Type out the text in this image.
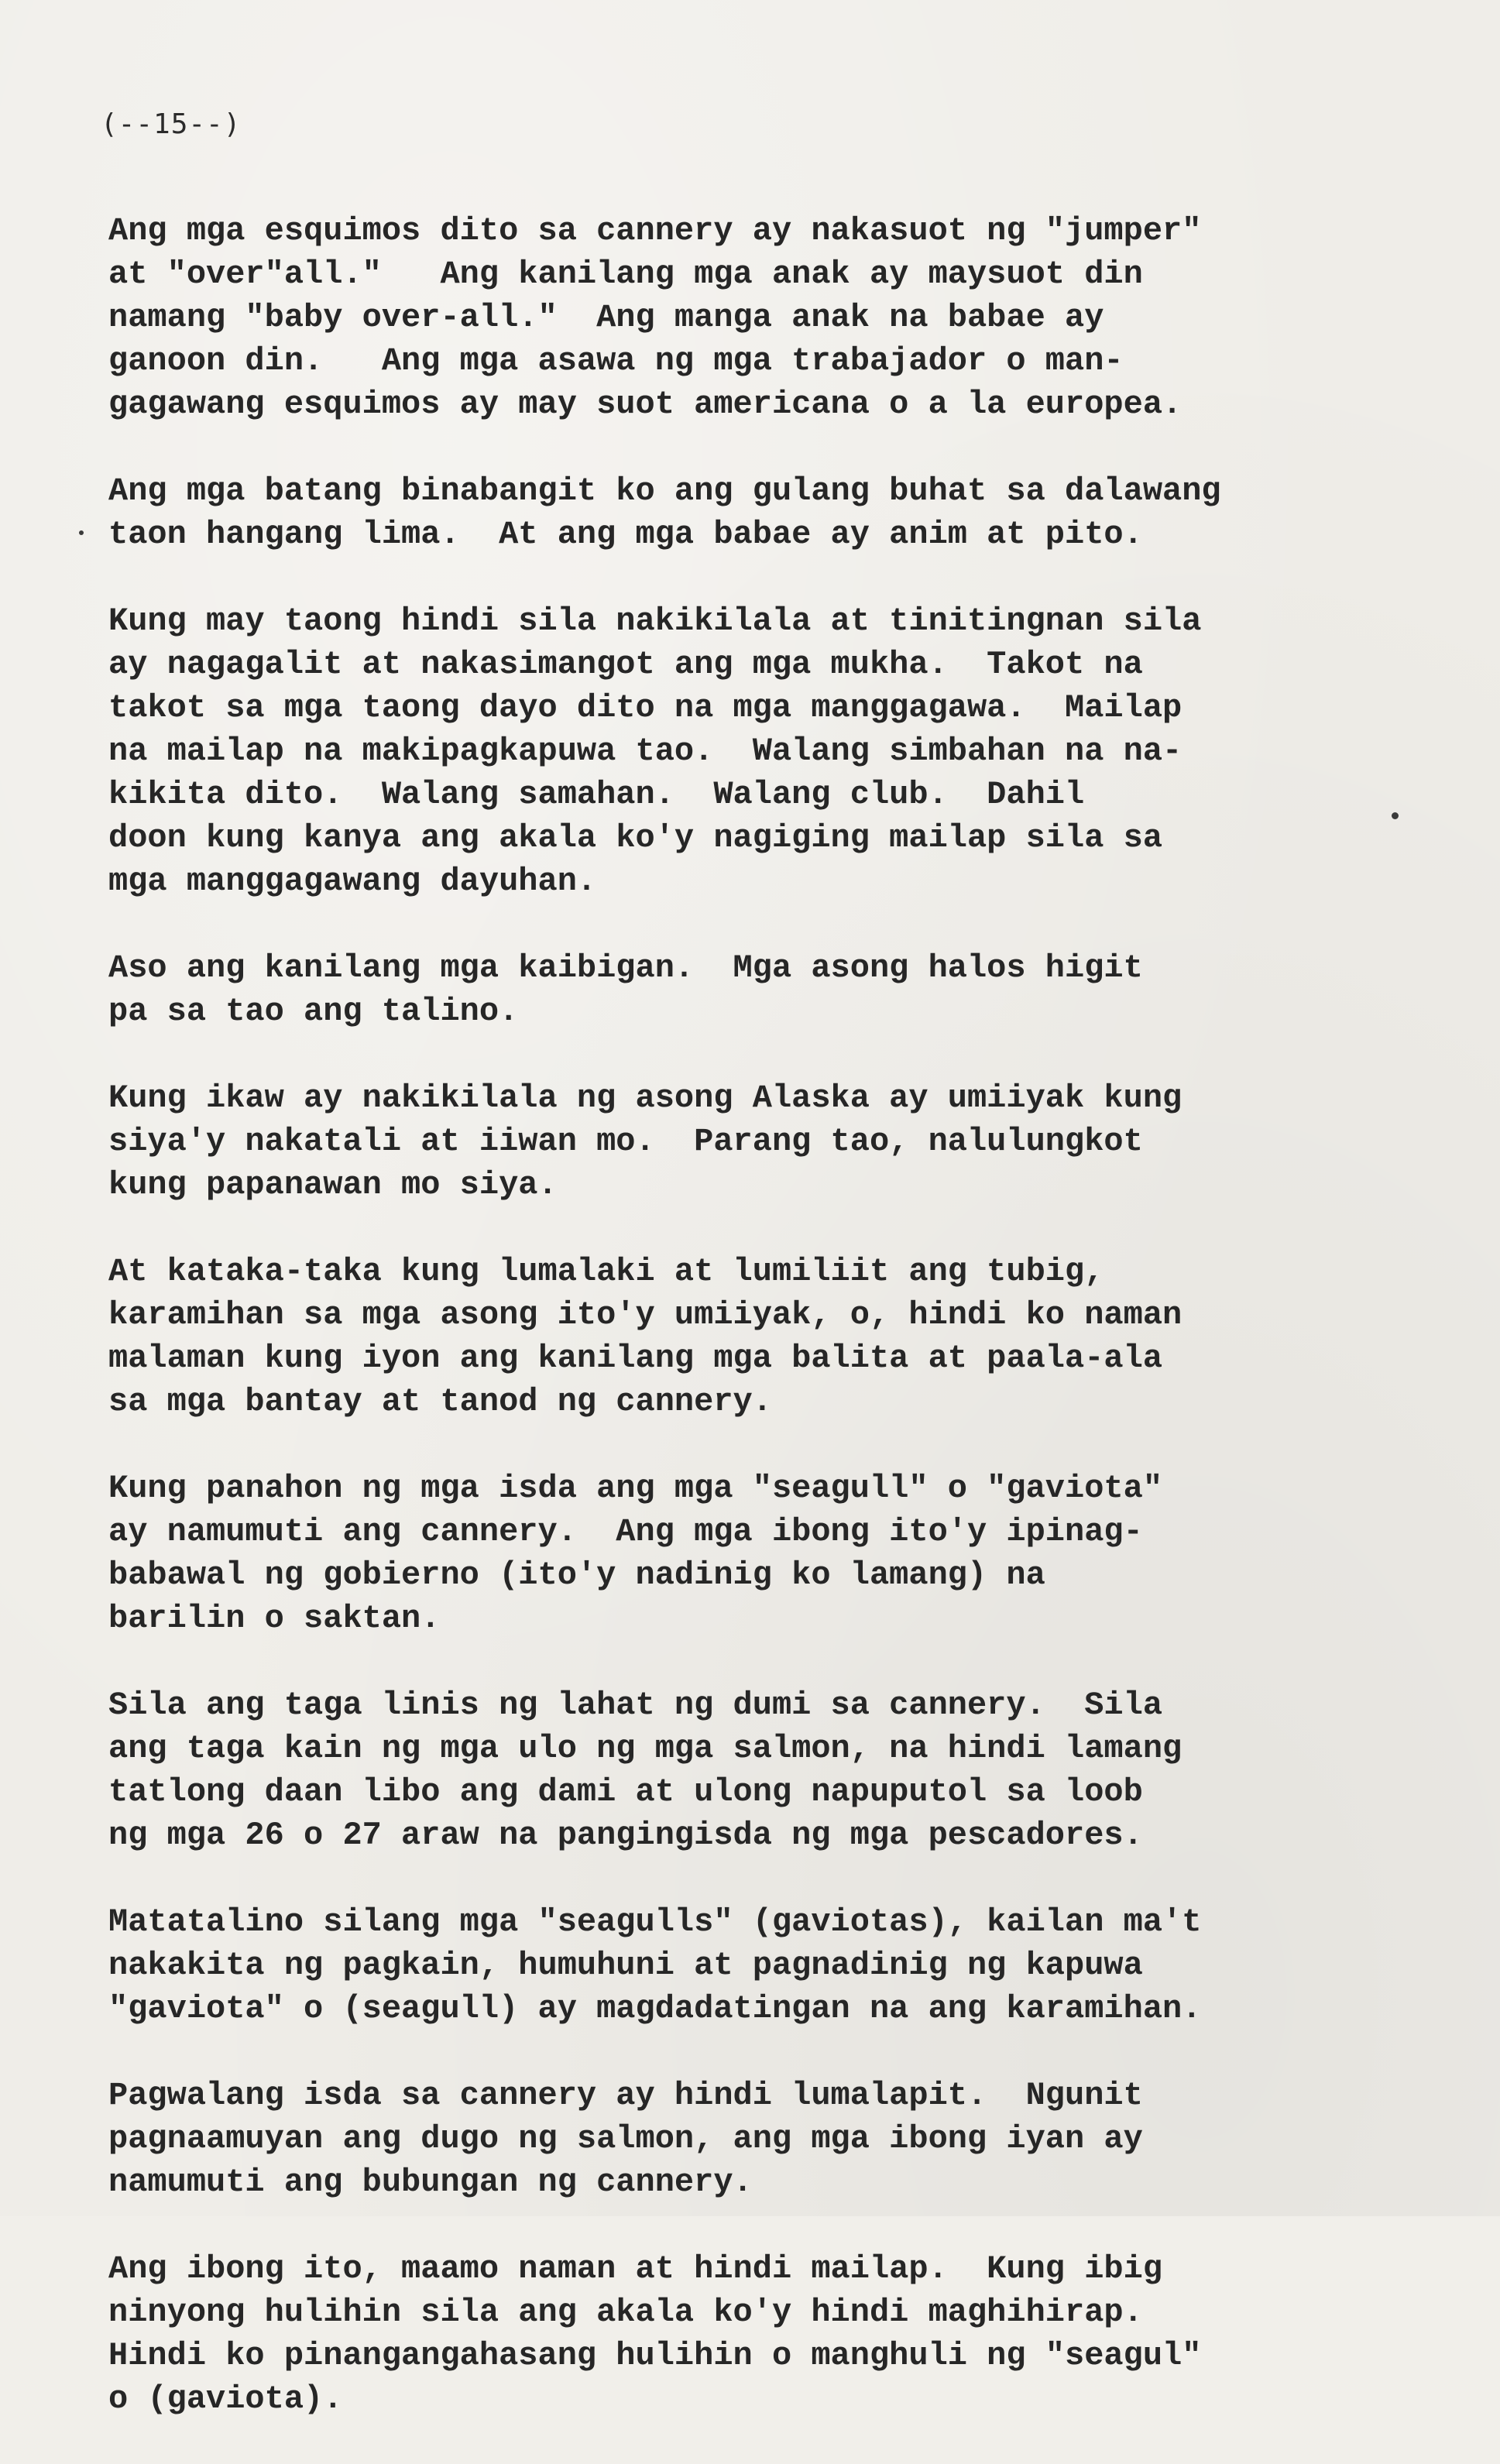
(--15--)
Ang mga esquimos dito sa cannery ay nakasuot ng "jumper"
at "over"all."   Ang kanilang mga anak ay maysuot din
namang "baby over-all."  Ang manga anak na babae ay
ganoon din.   Ang mga asawa ng mga trabajador o man-
gagawang esquimos ay may suot americana o a la europea.
Ang mga batang binabangit ko ang gulang buhat sa dalawang
taon hangang lima.  At ang mga babae ay anim at pito.
Kung may taong hindi sila nakikilala at tinitingnan sila
ay nagagalit at nakasimangot ang mga mukha.  Takot na
takot sa mga taong dayo dito na mga manggagawa.  Mailap
na mailap na makipagkapuwa tao.  Walang simbahan na na-
kikita dito.  Walang samahan.  Walang club.  Dahil
doon kung kanya ang akala ko'y nagiging mailap sila sa
mga manggagawang dayuhan.
Aso ang kanilang mga kaibigan.  Mga asong halos higit
pa sa tao ang talino.
Kung ikaw ay nakikilala ng asong Alaska ay umiiyak kung
siya'y nakatali at iiwan mo.  Parang tao, nalulungkot
kung papanawan mo siya.
At kataka-taka kung lumalaki at lumiliit ang tubig,
karamihan sa mga asong ito'y umiiyak, o, hindi ko naman
malaman kung iyon ang kanilang mga balita at paala-ala
sa mga bantay at tanod ng cannery.
Kung panahon ng mga isda ang mga "seagull" o "gaviota"
ay namumuti ang cannery.  Ang mga ibong ito'y ipinag-
babawal ng gobierno (ito'y nadinig ko lamang) na
barilin o saktan.
Sila ang taga linis ng lahat ng dumi sa cannery.  Sila
ang taga kain ng mga ulo ng mga salmon, na hindi lamang
tatlong daan libo ang dami at ulong napuputol sa loob
ng mga 26 o 27 araw na pangingisda ng mga pescadores.
Matatalino silang mga "seagulls" (gaviotas), kailan ma't
nakakita ng pagkain, humuhuni at pagnadinig ng kapuwa
"gaviota" o (seagull) ay magdadatingan na ang karamihan.
Pagwalang isda sa cannery ay hindi lumalapit.  Ngunit
pagnaamuyan ang dugo ng salmon, ang mga ibong iyan ay
namumuti ang bubungan ng cannery.
Ang ibong ito, maamo naman at hindi mailap.  Kung ibig
ninyong hulihin sila ang akala ko'y hindi maghihirap.
Hindi ko pinangangahasang hulihin o manghuli ng "seagul"
o (gaviota).
